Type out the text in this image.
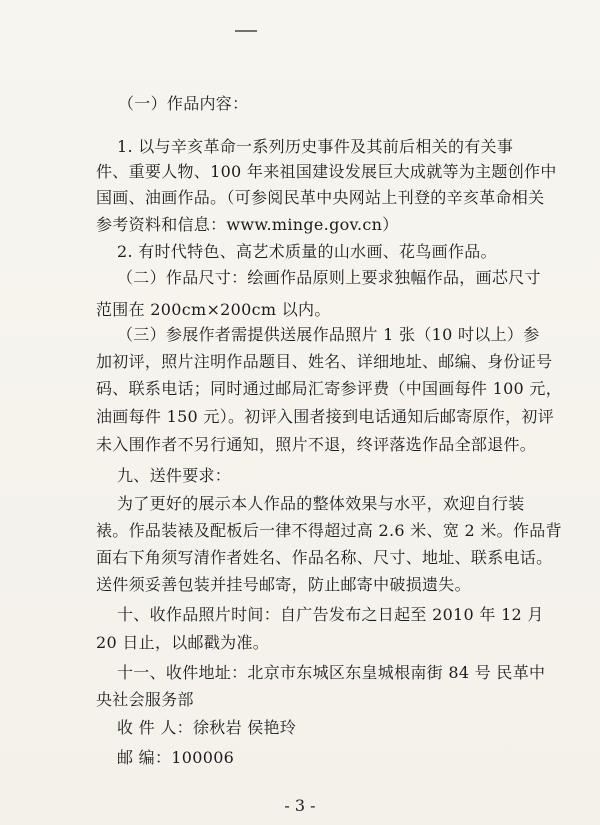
（一）作品内容：
1. 以与辛亥革命一系列历史事件及其前后相关的有关事
件、重要人物、100 年来祖国建设发展巨大成就等为主题创作中
国画、油画作品。（可参阅民革中央网站上刊登的辛亥革命相关
参考资料和信息：www.minge.gov.cn）
2. 有时代特色、高艺术质量的山水画、花鸟画作品。
（二）作品尺寸：绘画作品原则上要求独幅作品，画芯尺寸
范围在 200cm×200cm 以内。
（三）参展作者需提供送展作品照片 1 张（10 吋以上）参
加初评，照片注明作品题目、姓名、详细地址、邮编、身份证号
码、联系电话；同时通过邮局汇寄参评费（中国画每件 100 元，
油画每件 150 元）。初评入围者接到电话通知后邮寄原作，初评
未入围作者不另行通知，照片不退，终评落选作品全部退件。
九、送件要求：
为了更好的展示本人作品的整体效果与水平，欢迎自行装
裱。作品装裱及配板后一律不得超过高 2.6 米、宽 2 米。作品背
面右下角须写清作者姓名、作品名称、尺寸、地址、联系电话。
送件须妥善包装并挂号邮寄，防止邮寄中破损遗失。
十、收作品照片时间：自广告发布之日起至 2010 年 12 月
20 日止，以邮戳为准。
十一、收件地址：北京市东城区东皇城根南街 84 号 民革中
央社会服务部
收 件 人：徐秋岩 侯艳玲
邮 编：100006
- 3 -
